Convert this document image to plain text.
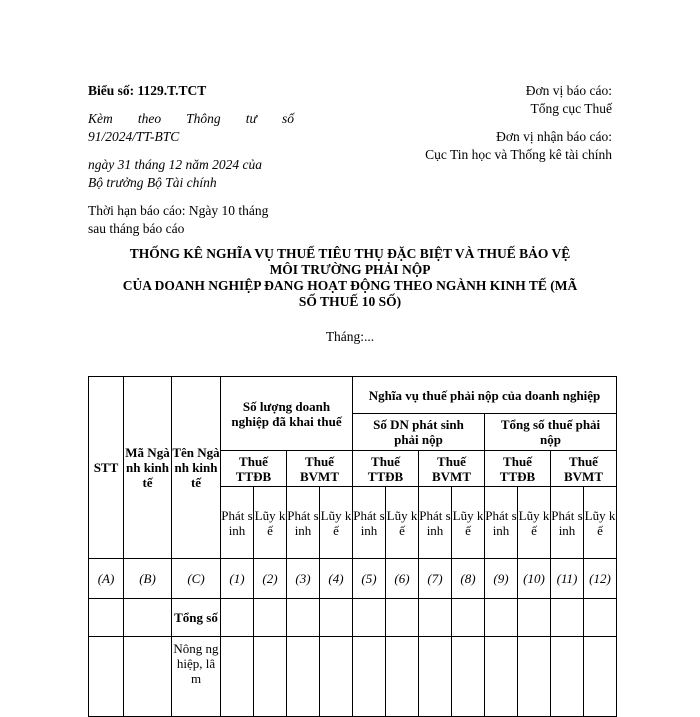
Biểu số: 1129.T.TCT
Kèm theo Thông tư số
91/2024/TT-BTC
ngày 31 tháng 12 năm 2024 của
Bộ trưởng Bộ Tài chính
Thời hạn báo cáo: Ngày 10 tháng
sau tháng báo cáo
Đơn vị báo cáo:
Tổng cục Thuế
Đơn vị nhận báo cáo:
Cục Tin học và Thống kê tài chính
THỐNG KÊ NGHĨA VỤ THUẾ TIÊU THỤ ĐẶC BIỆT VÀ THUẾ BẢO VỆ
MÔI TRƯỜNG PHẢI NỘP
CỦA DOANH NGHIỆP ĐANG HOẠT ĐỘNG THEO NGÀNH KINH TẾ (MÃ
SỐ THUẾ 10 SỐ)
Tháng:...
STT	Mã Ngành kinh tế	Tên Ngành kinh tế	Số lượng doanh nghiệp đã khai thuế				Nghĩa vụ thuế phải nộp của doanh nghiệp							
							Số DN phát sinh phải nộp				Tổng số thuế phải nộp			
			Thuế TTĐB		Thuế BVMT		Thuế TTĐB		Thuế BVMT		Thuế TTĐB		Thuế BVMT	
			Phát sinh	Lũy kế	Phát sinh	Lũy kế	Phát sinh	Lũy kế	Phát sinh	Lũy kế	Phát sinh	Lũy kế	Phát sinh	Lũy kế
(A)	(B)	(C)	(1)	(2)	(3)	(4)	(5)	(6)	(7)	(8)	(9)	(10)	(11)	(12)
		Tổng số												
		Nông nghiệp, lâm												
